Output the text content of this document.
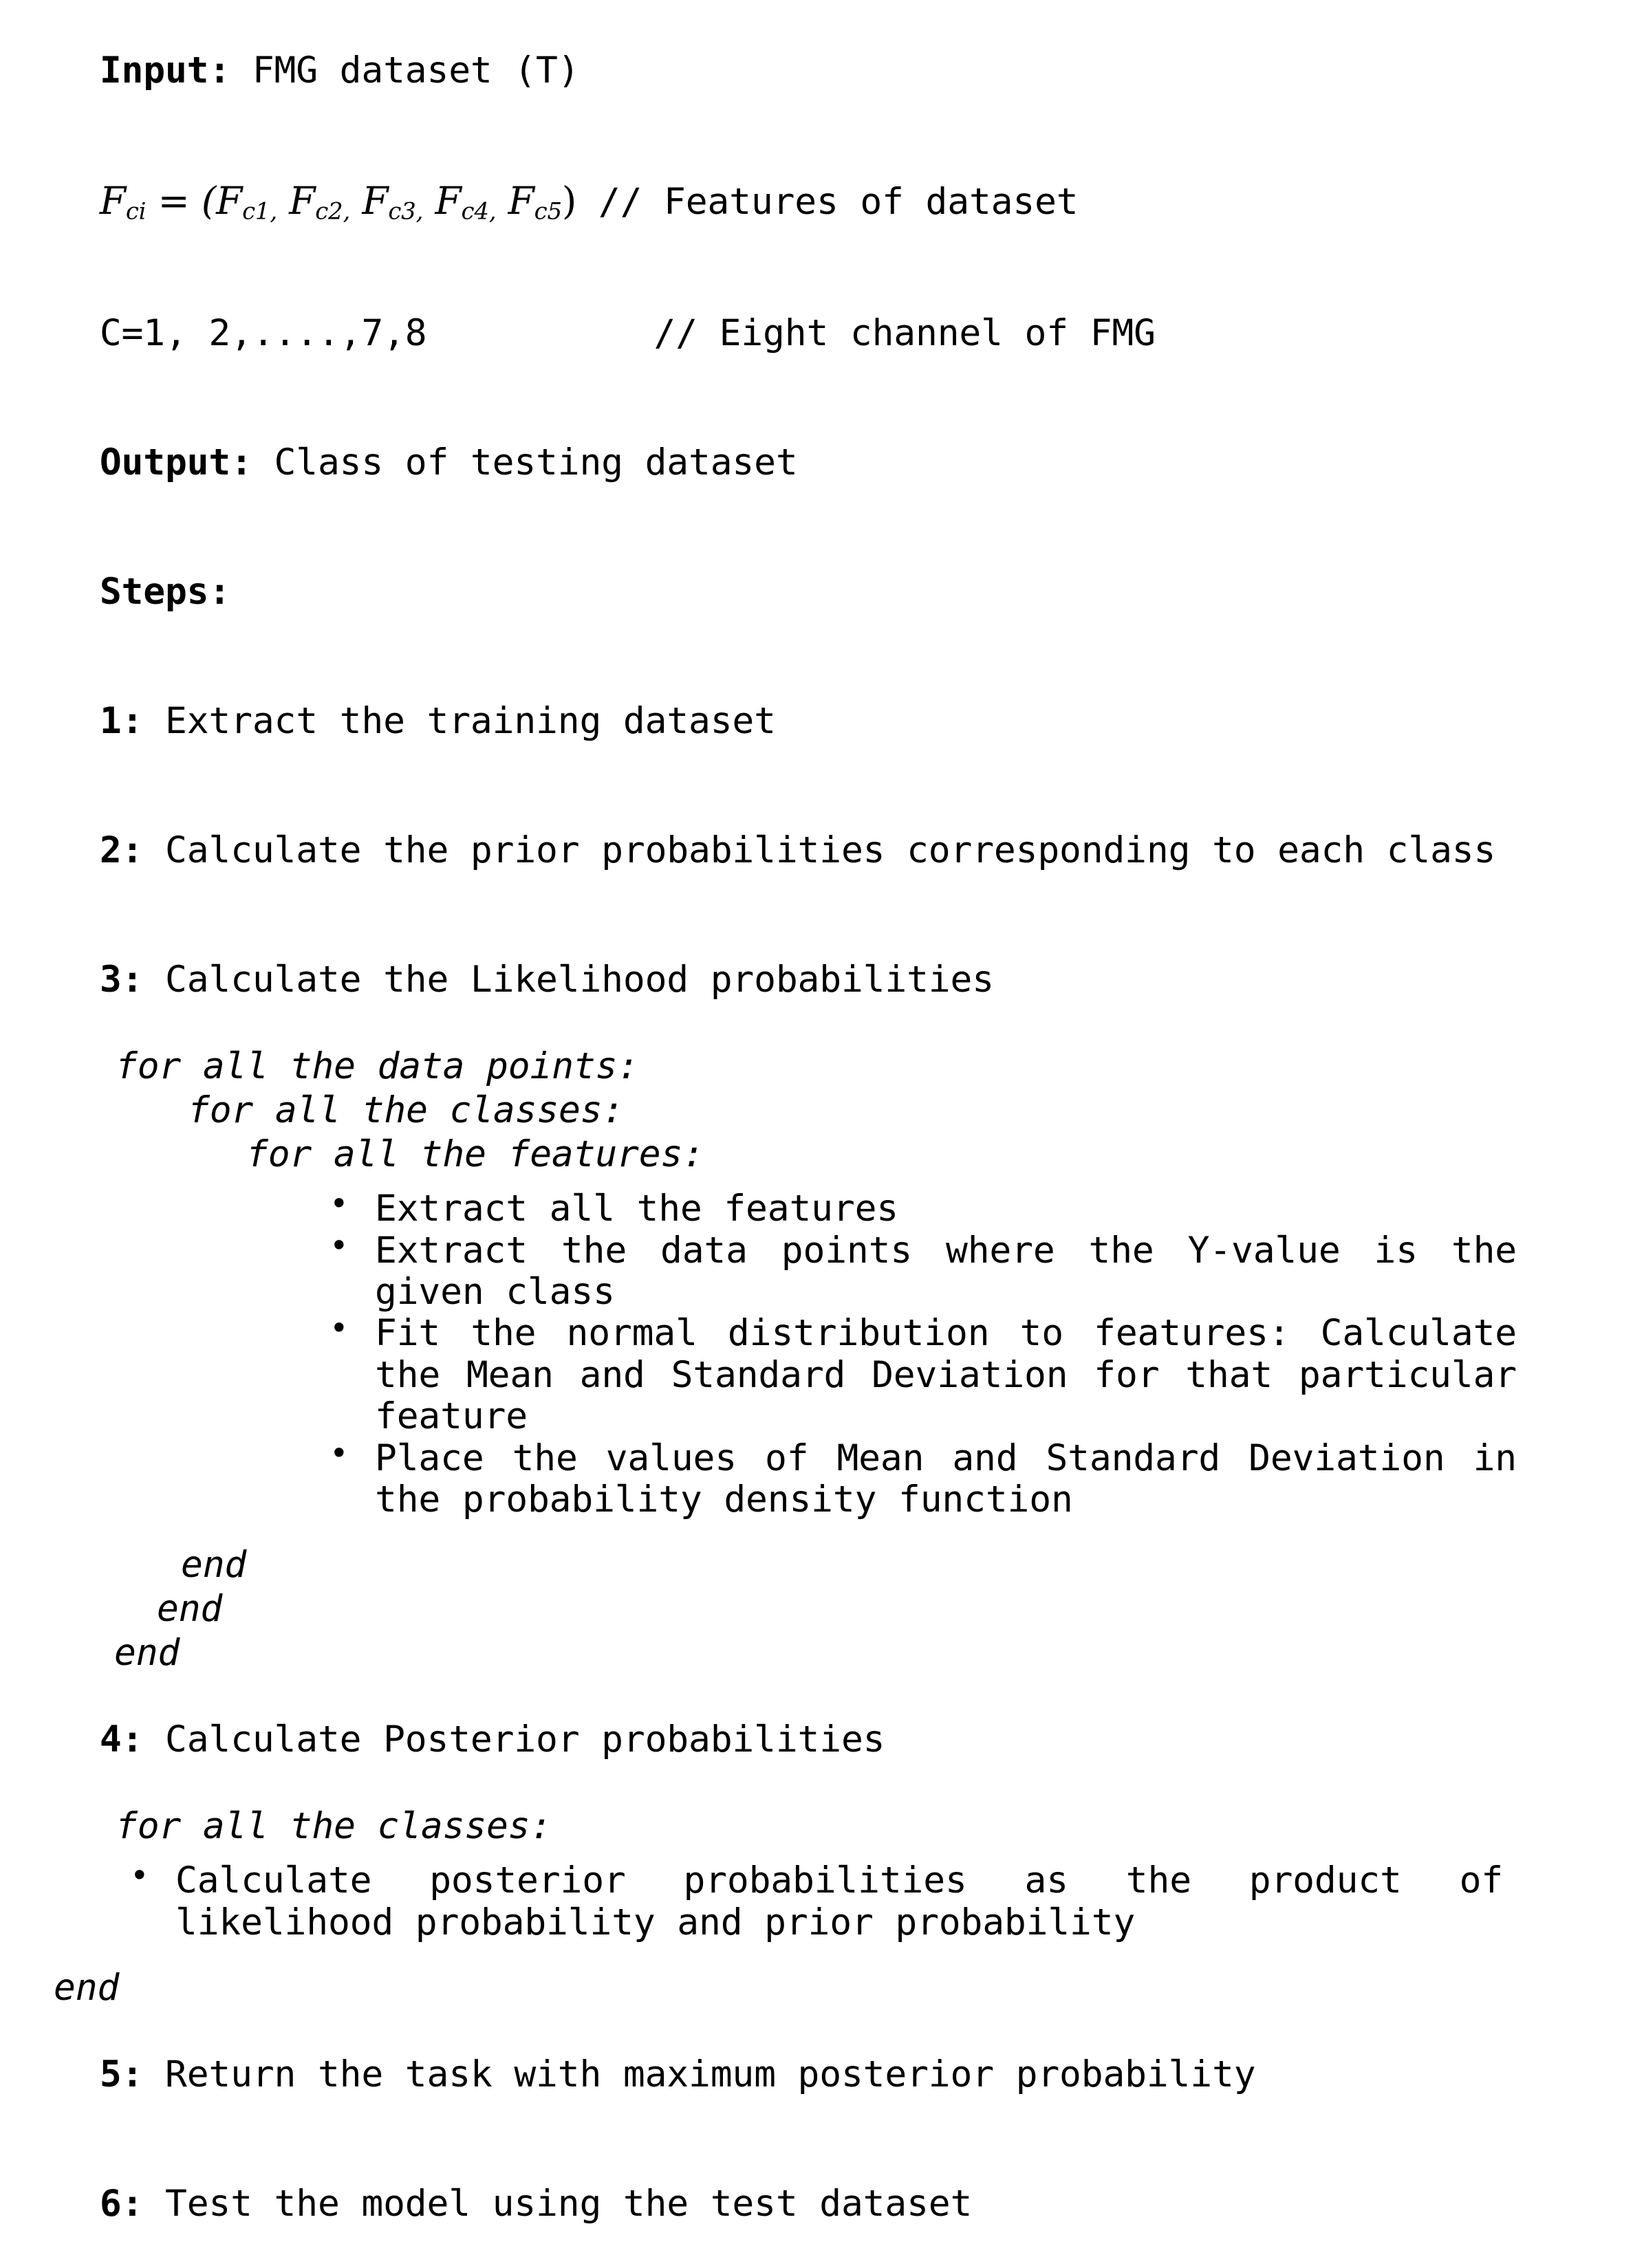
Input: FMG dataset (T)

$F_{ci} = (F_{c1,}$ $F_{c2,}$ $F_{c3,}$ $F_{c4,}$ $F_{c5}$) // Features of dataset

C=1, 2,....,7,8	// Eight channel of FMG

Output: Class of testing dataset

Steps:

1: Extract the training dataset

2: Calculate the prior probabilities corresponding to each class

3: Calculate the Likelihood probabilities

for all the data points:
for all the classes:
for all the features:
• Extract all the features
• Extract the data points where the Y-value is the given class
• Fit the normal distribution to features: Calculate the Mean and Standard Deviation for that particular feature
• Place the values of Mean and Standard Deviation in the probability density function
end
end
end

4: Calculate Posterior probabilities

for all the classes:
• Calculate posterior probabilities as the product of likelihood probability and prior probability
end

5: Return the task with maximum posterior probability

6: Test the model using the test dataset
